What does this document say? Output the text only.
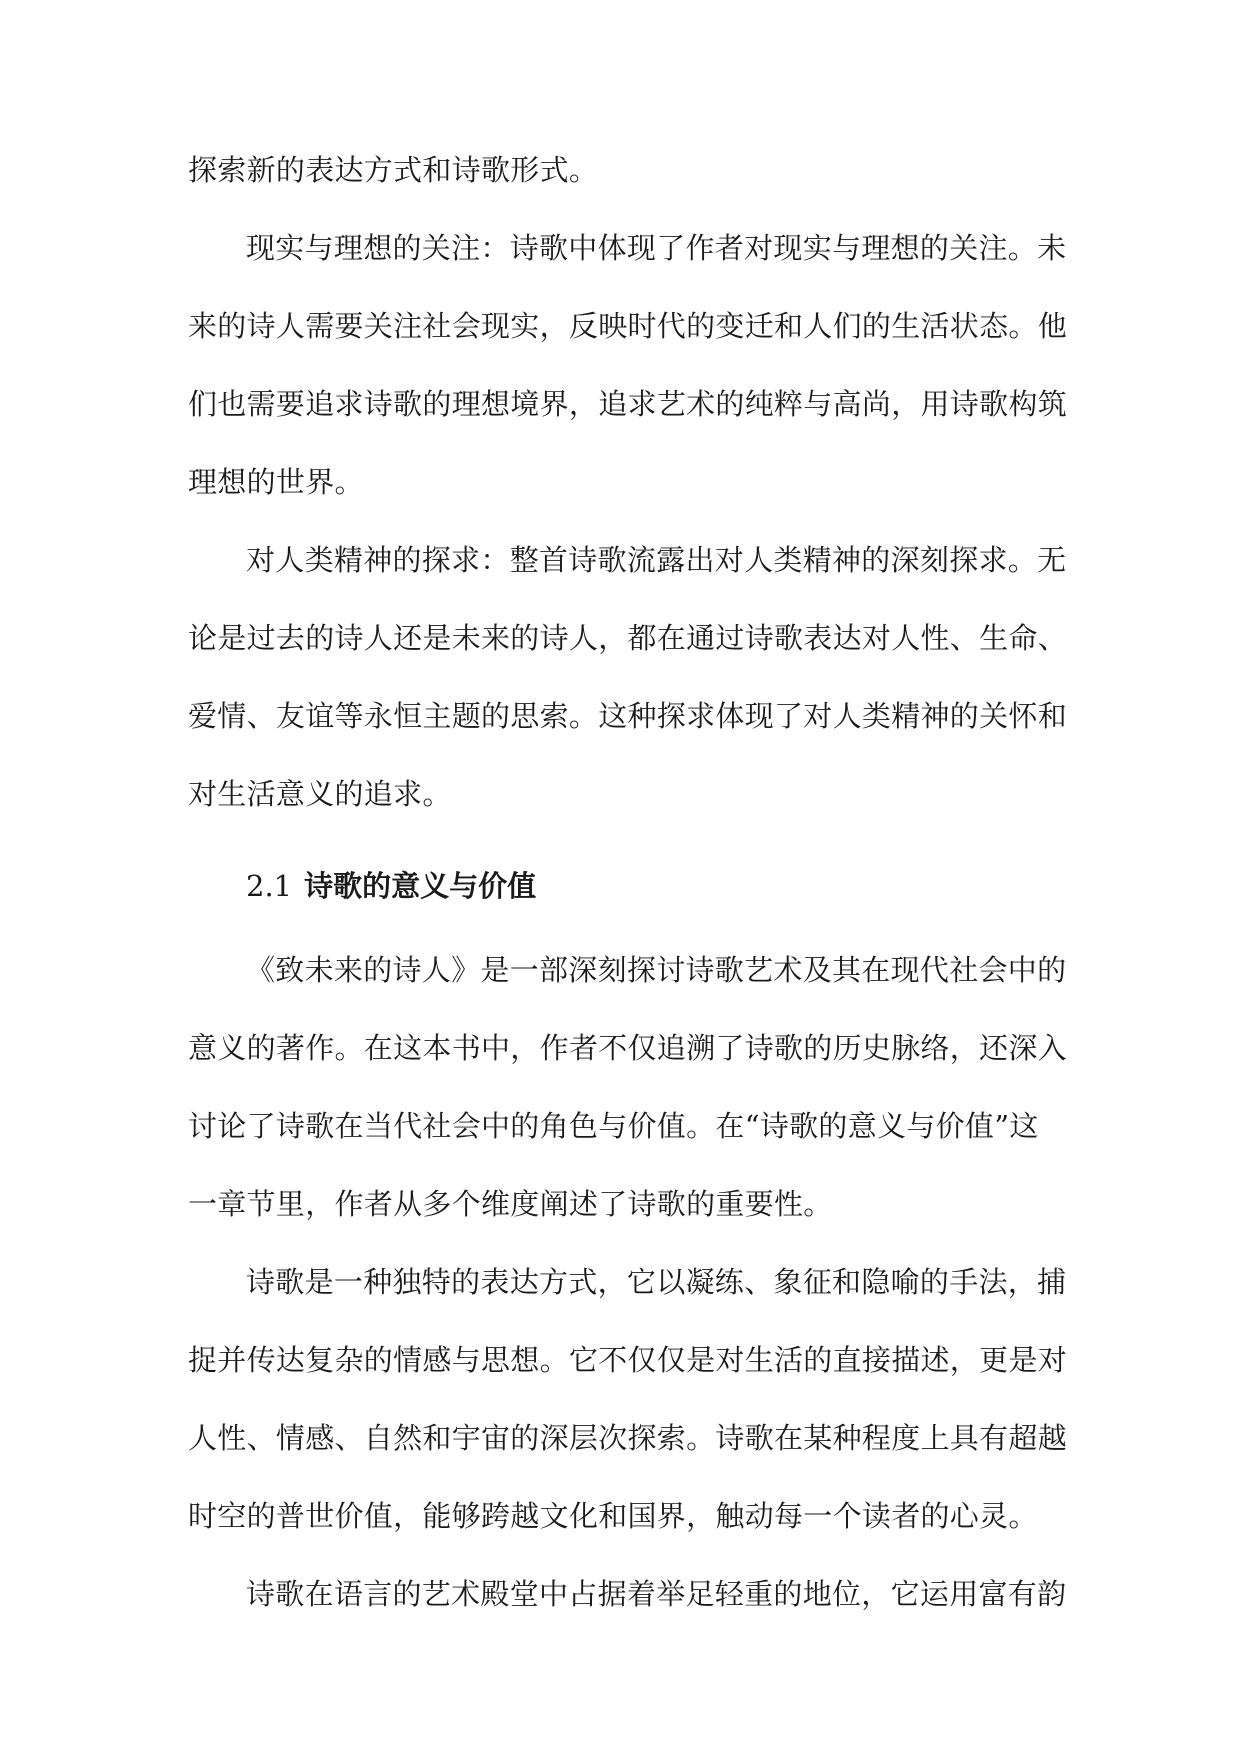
探索新的表达方式和诗歌形式。
现实与理想的关注：诗歌中体现了作者对现实与理想的关注。未
来的诗人需要关注社会现实，反映时代的变迁和人们的生活状态。他
们也需要追求诗歌的理想境界，追求艺术的纯粹与高尚，用诗歌构筑
理想的世界。
对人类精神的探求：整首诗歌流露出对人类精神的深刻探求。无
论是过去的诗人还是未来的诗人，都在通过诗歌表达对人性、生命、
爱情、友谊等永恒主题的思索。这种探求体现了对人类精神的关怀和
对生活意义的追求。
2.1 诗歌的意义与价值
《致未来的诗人》是一部深刻探讨诗歌艺术及其在现代社会中的
意义的著作。在这本书中，作者不仅追溯了诗歌的历史脉络，还深入
讨论了诗歌在当代社会中的角色与价值。在“诗歌的意义与价值”这
一章节里，作者从多个维度阐述了诗歌的重要性。
诗歌是一种独特的表达方式，它以凝练、象征和隐喻的手法，捕
捉并传达复杂的情感与思想。它不仅仅是对生活的直接描述，更是对
人性、情感、自然和宇宙的深层次探索。诗歌在某种程度上具有超越
时空的普世价值，能够跨越文化和国界，触动每一个读者的心灵。
诗歌在语言的艺术殿堂中占据着举足轻重的地位，它运用富有韵
